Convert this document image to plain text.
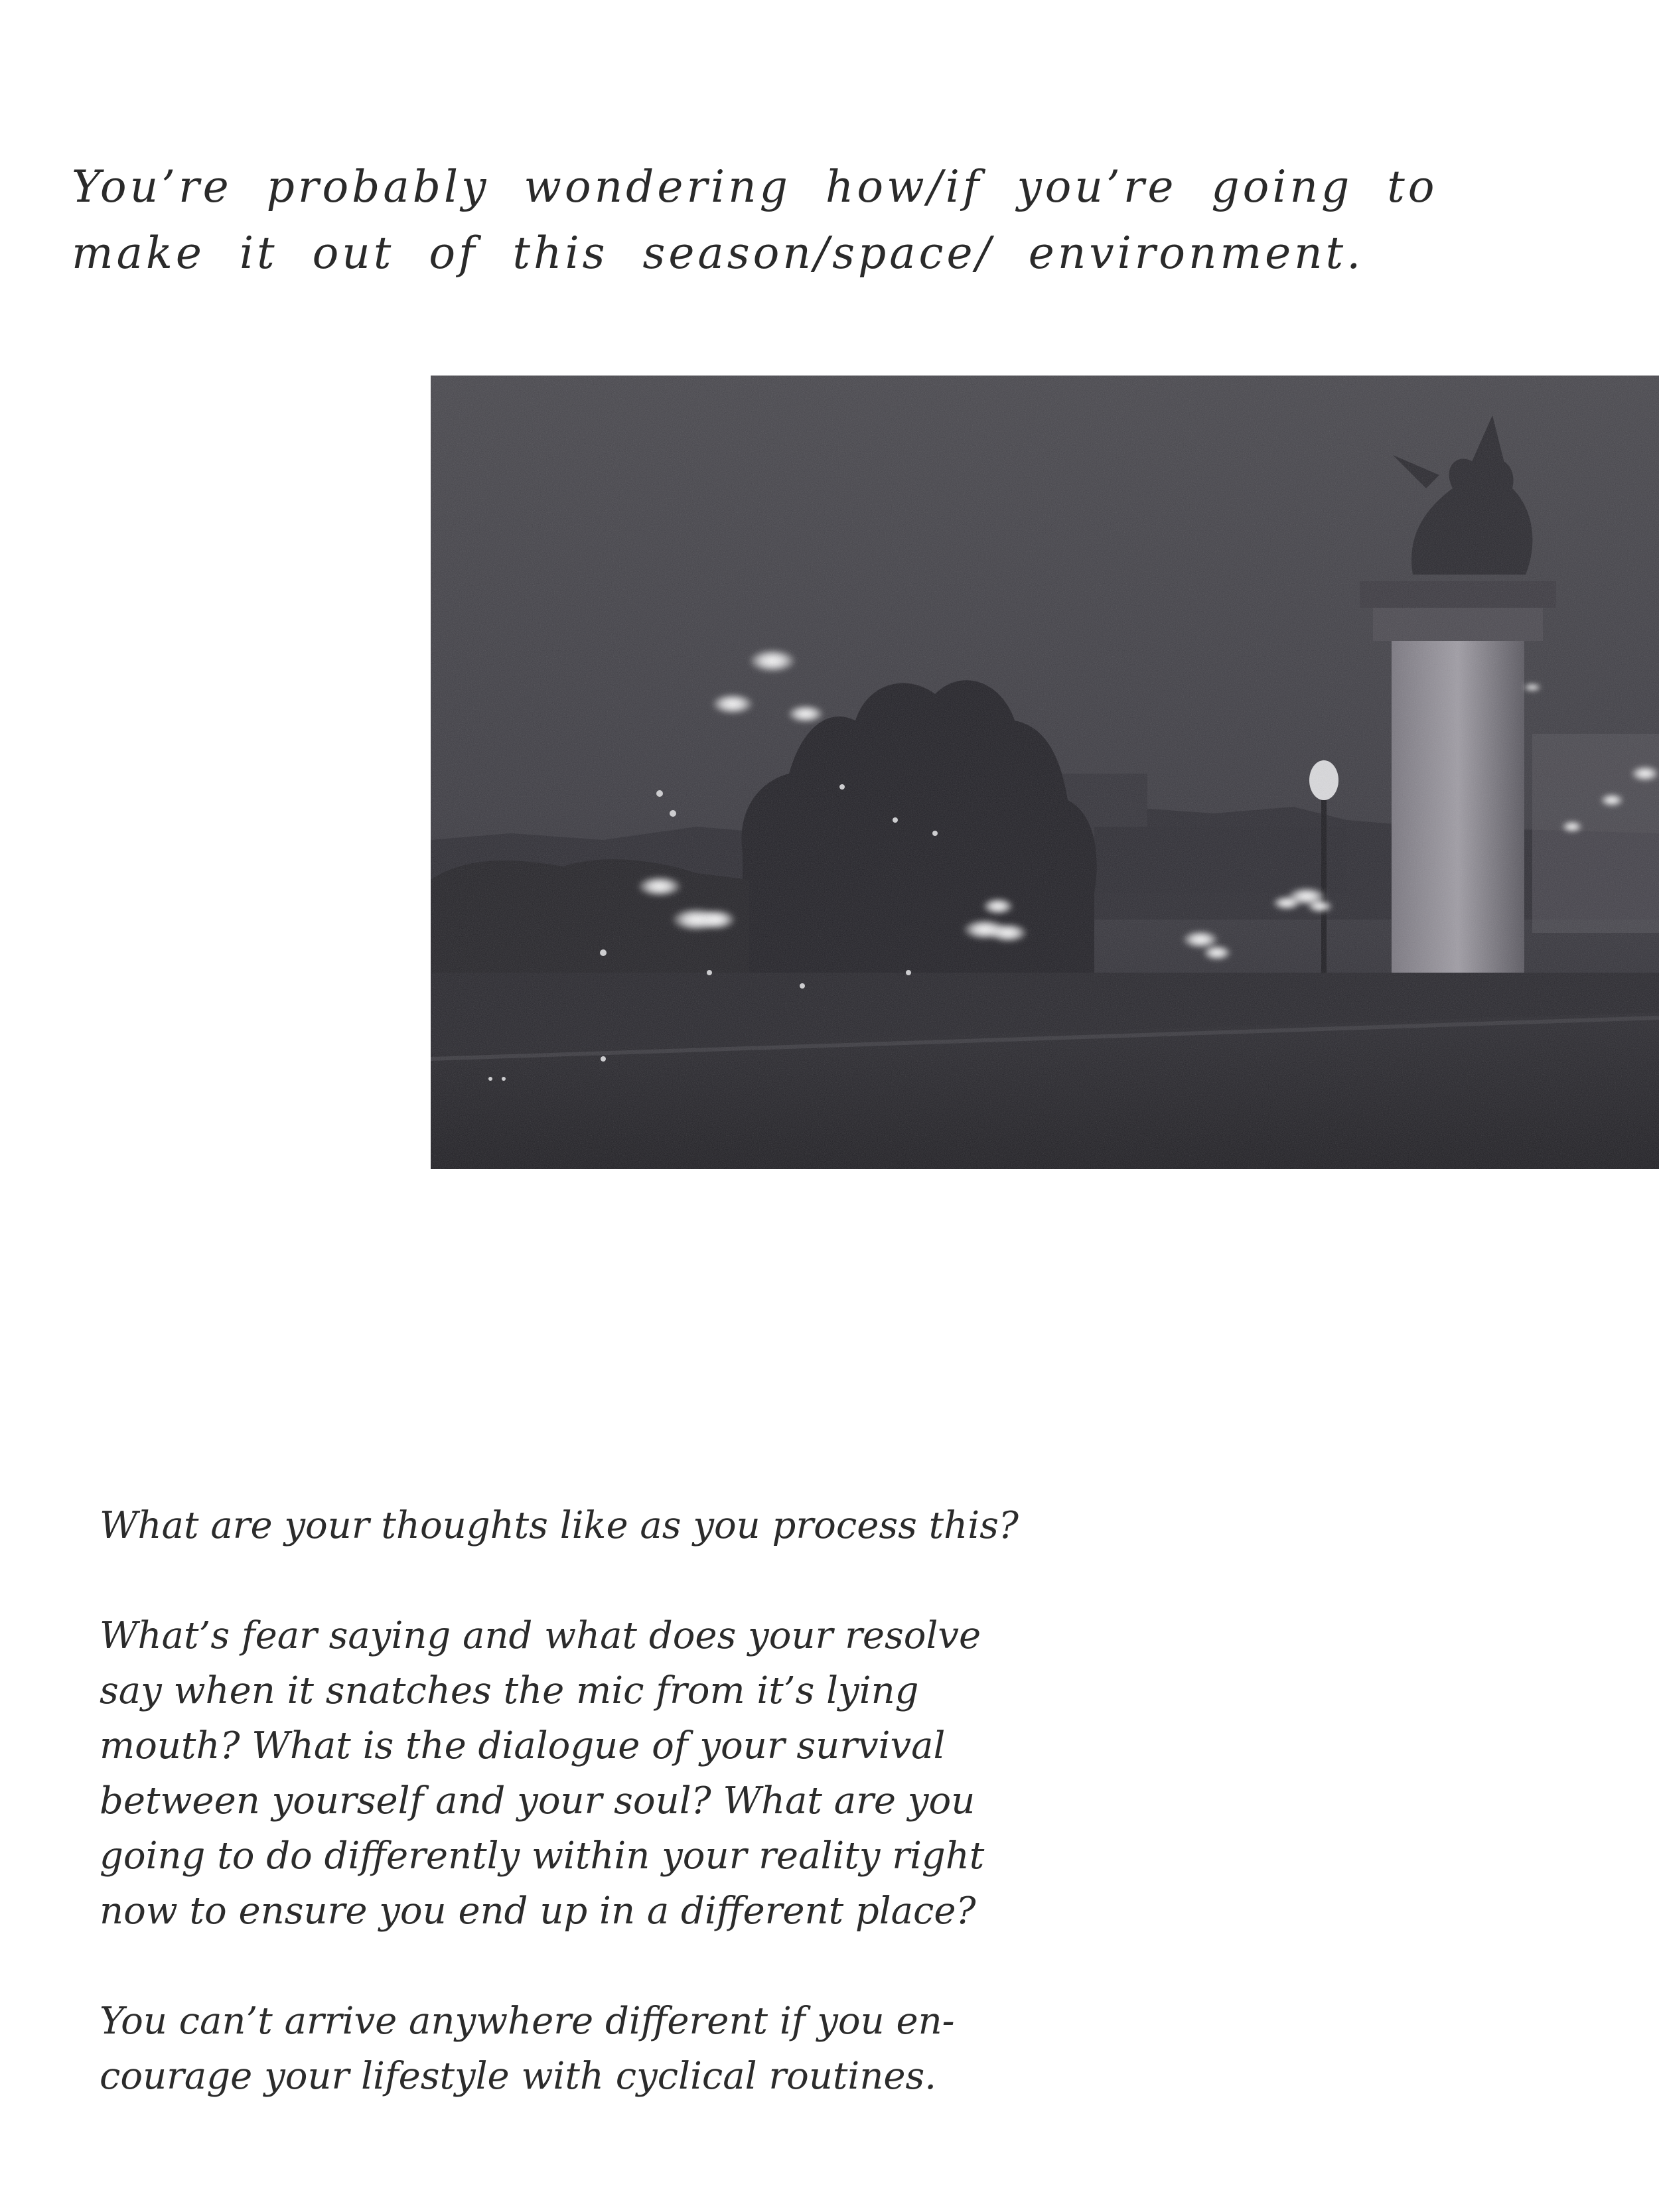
You’re probably wondering how/if you’re going to
make it out of this season/space/ environment.

What are your thoughts like as you process this?

What’s fear saying and what does your resolve

say when it snatches the mic from it’s lying

mouth? What is the dialogue of your survival

between yourself and your soul? What are you

going to do differently within your reality right

now to ensure you end up in a different place?

You can’t arrive anywhere different if you en-

courage your lifestyle with cyclical routines.
